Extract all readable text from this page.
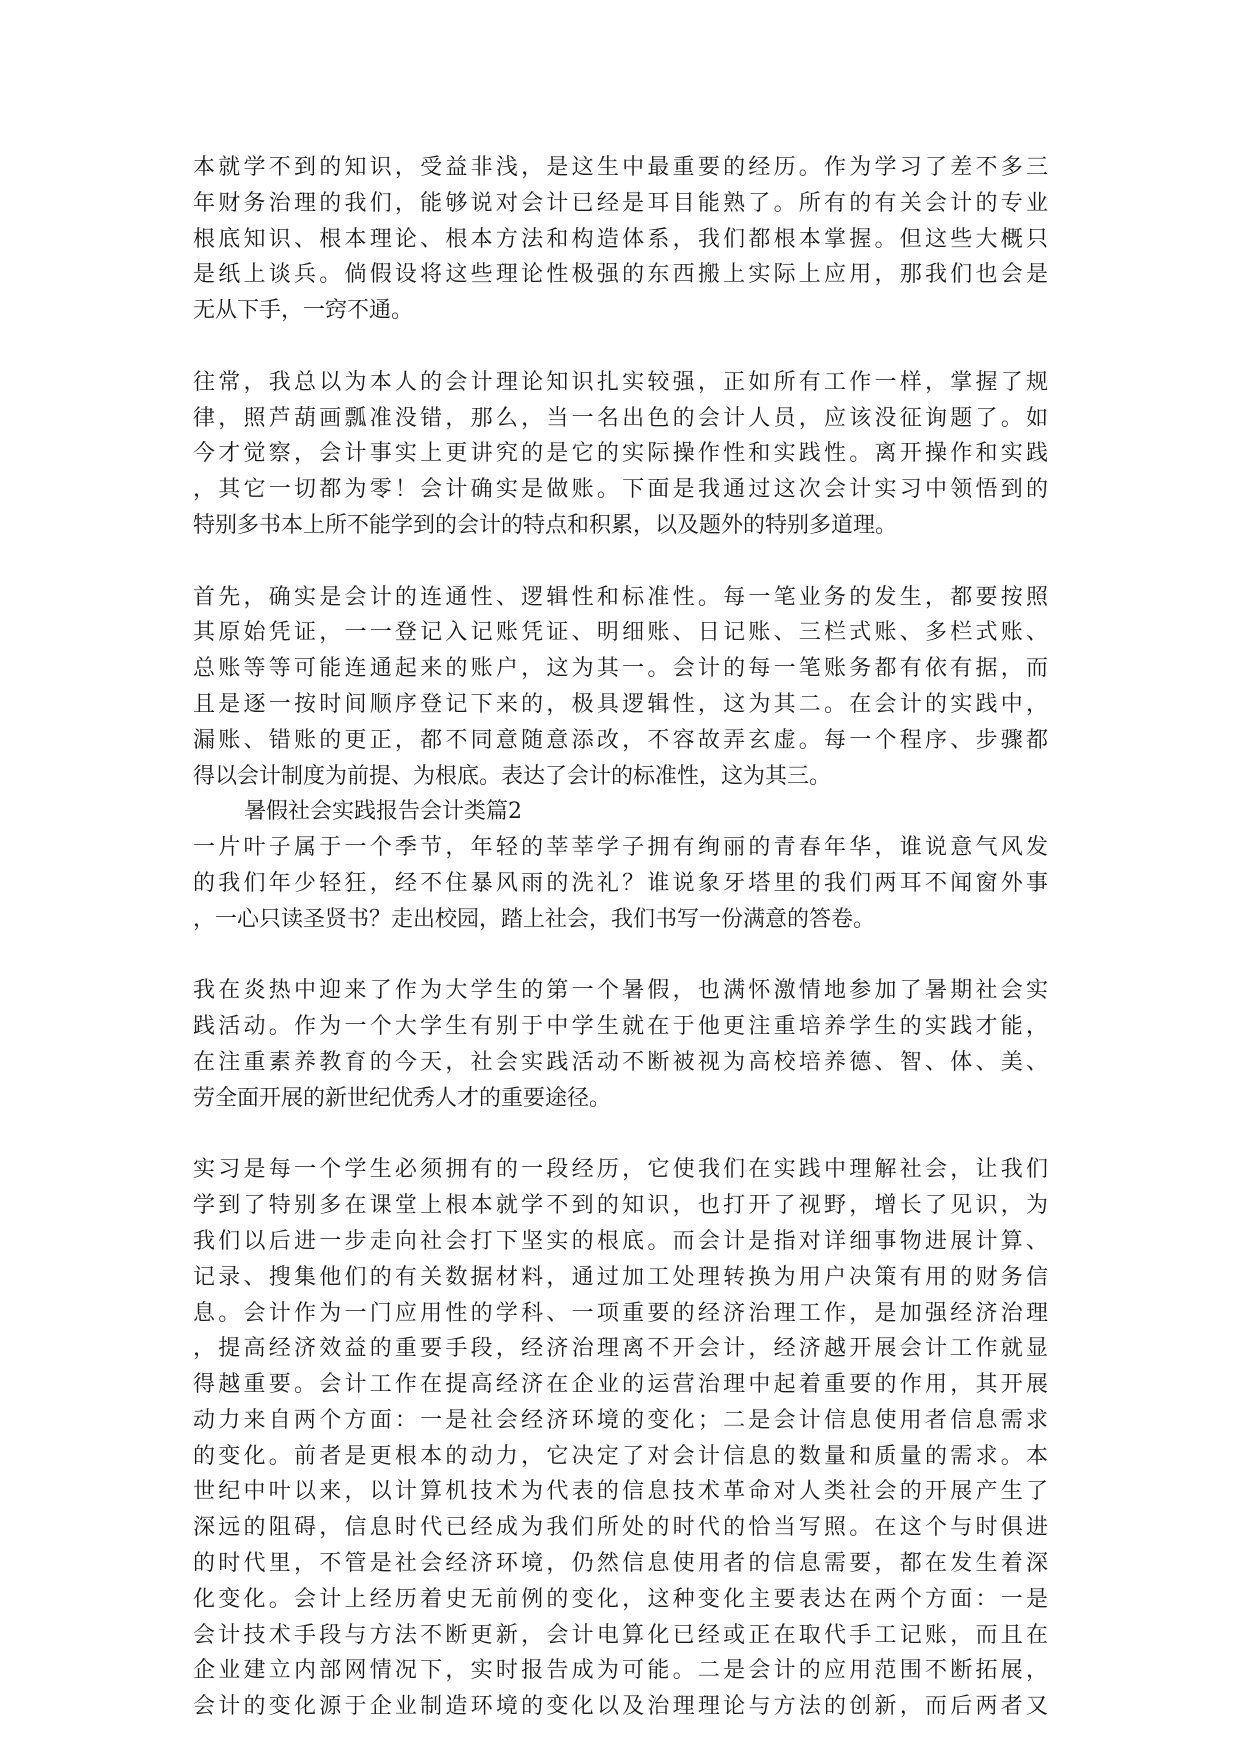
本就学不到的知识，受益非浅，是这生中最重要的经历。作为学习了差不多三
年财务治理的我们，能够说对会计已经是耳目能熟了。所有的有关会计的专业
根底知识、根本理论、根本方法和构造体系，我们都根本掌握。但这些大概只
是纸上谈兵。倘假设将这些理论性极强的东西搬上实际上应用，那我们也会是
无从下手，一窍不通。
往常，我总以为本人的会计理论知识扎实较强，正如所有工作一样，掌握了规
律，照芦葫画瓢准没错，那么，当一名出色的会计人员，应该没征询题了。如
今才觉察，会计事实上更讲究的是它的实际操作性和实践性。离开操作和实践
，其它一切都为零！会计确实是做账。下面是我通过这次会计实习中领悟到的
特别多书本上所不能学到的会计的特点和积累，以及题外的特别多道理。
首先，确实是会计的连通性、逻辑性和标准性。每一笔业务的发生，都要按照
其原始凭证，一一登记入记账凭证、明细账、日记账、三栏式账、多栏式账、
总账等等可能连通起来的账户，这为其一。会计的每一笔账务都有依有据，而
且是逐一按时间顺序登记下来的，极具逻辑性，这为其二。在会计的实践中，
漏账、错账的更正，都不同意随意添改，不容故弄玄虚。每一个程序、步骤都
得以会计制度为前提、为根底。表达了会计的标准性，这为其三。
暑假社会实践报告会计类篇2
一片叶子属于一个季节，年轻的莘莘学子拥有绚丽的青春年华，谁说意气风发
的我们年少轻狂，经不住暴风雨的洗礼？谁说象牙塔里的我们两耳不闻窗外事
，一心只读圣贤书？走出校园，踏上社会，我们书写一份满意的答卷。
我在炎热中迎来了作为大学生的第一个暑假，也满怀激情地参加了暑期社会实
践活动。作为一个大学生有别于中学生就在于他更注重培养学生的实践才能，
在注重素养教育的今天，社会实践活动不断被视为高校培养德、智、体、美、
劳全面开展的新世纪优秀人才的重要途径。
实习是每一个学生必须拥有的一段经历，它使我们在实践中理解社会，让我们
学到了特别多在课堂上根本就学不到的知识，也打开了视野，增长了见识，为
我们以后进一步走向社会打下坚实的根底。而会计是指对详细事物进展计算、
记录、搜集他们的有关数据材料，通过加工处理转换为用户决策有用的财务信
息。会计作为一门应用性的学科、一项重要的经济治理工作，是加强经济治理
，提高经济效益的重要手段，经济治理离不开会计，经济越开展会计工作就显
得越重要。会计工作在提高经济在企业的运营治理中起着重要的作用，其开展
动力来自两个方面：一是社会经济环境的变化；二是会计信息使用者信息需求
的变化。前者是更根本的动力，它决定了对会计信息的数量和质量的需求。本
世纪中叶以来，以计算机技术为代表的信息技术革命对人类社会的开展产生了
深远的阻碍，信息时代已经成为我们所处的时代的恰当写照。在这个与时俱进
的时代里，不管是社会经济环境，仍然信息使用者的信息需要，都在发生着深
化变化。会计上经历着史无前例的变化，这种变化主要表达在两个方面：一是
会计技术手段与方法不断更新，会计电算化已经或正在取代手工记账，而且在
企业建立内部网情况下，实时报告成为可能。二是会计的应用范围不断拓展，
会计的变化源于企业制造环境的变化以及治理理论与方法的创新，而后两者又
